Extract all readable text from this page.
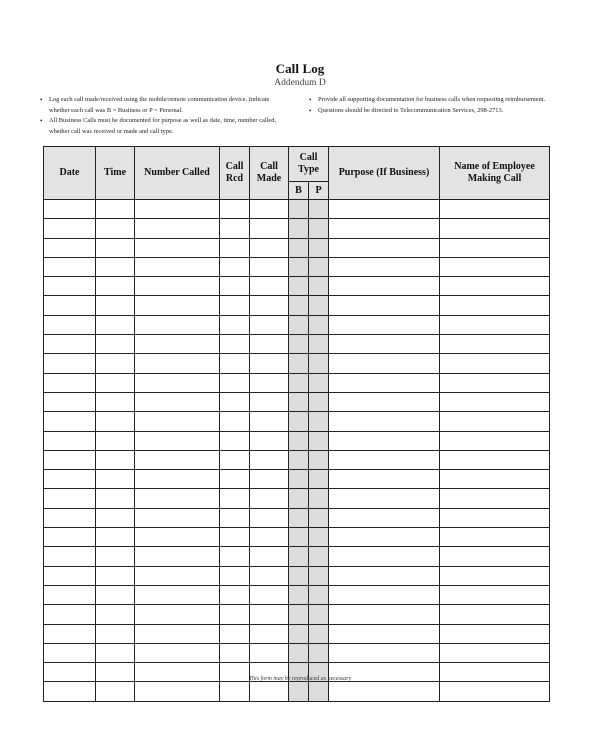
Call Log
Addendum D
• Log each call made/received using the mobile/remote communication device. Indicate whether each call was B = Business or P = Personal.
• All Business Calls must be documented for purpose as well as date, time, number called, whether call was received or made and call type.
• Provide all supporting documentation for business calls when requesting reimbursement.
• Questions should be directed to Telecommunication Services, 298-2713.
Date	Time	Number Called	Call Rcd	Call Made	Call Type		Purpose (If Business)	Name of Employee Making Call
					B	P		

This form may be reproduced as necessary
